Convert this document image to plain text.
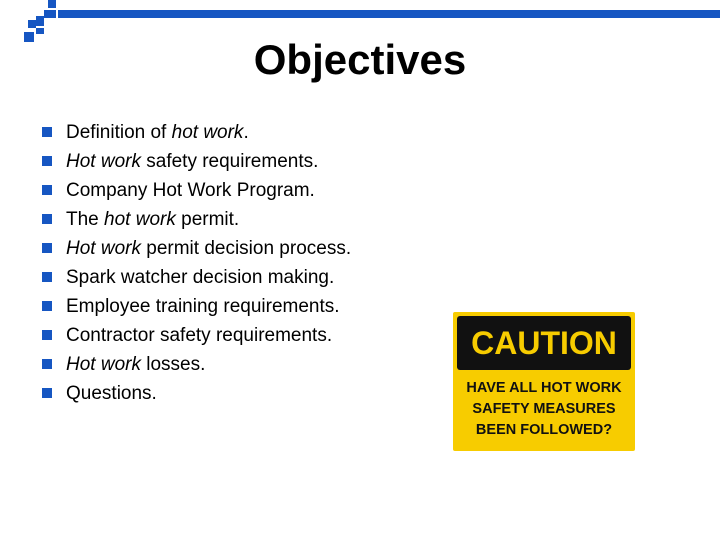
Objectives
Definition of hot work.
Hot work safety requirements.
Company Hot Work Program.
The hot work permit.
Hot work permit decision process.
Spark watcher decision making.
Employee training requirements.
Contractor safety requirements.
Hot work losses.
Questions.
CAUTION
HAVE ALL HOT WORK
SAFETY MEASURES
BEEN FOLLOWED?
